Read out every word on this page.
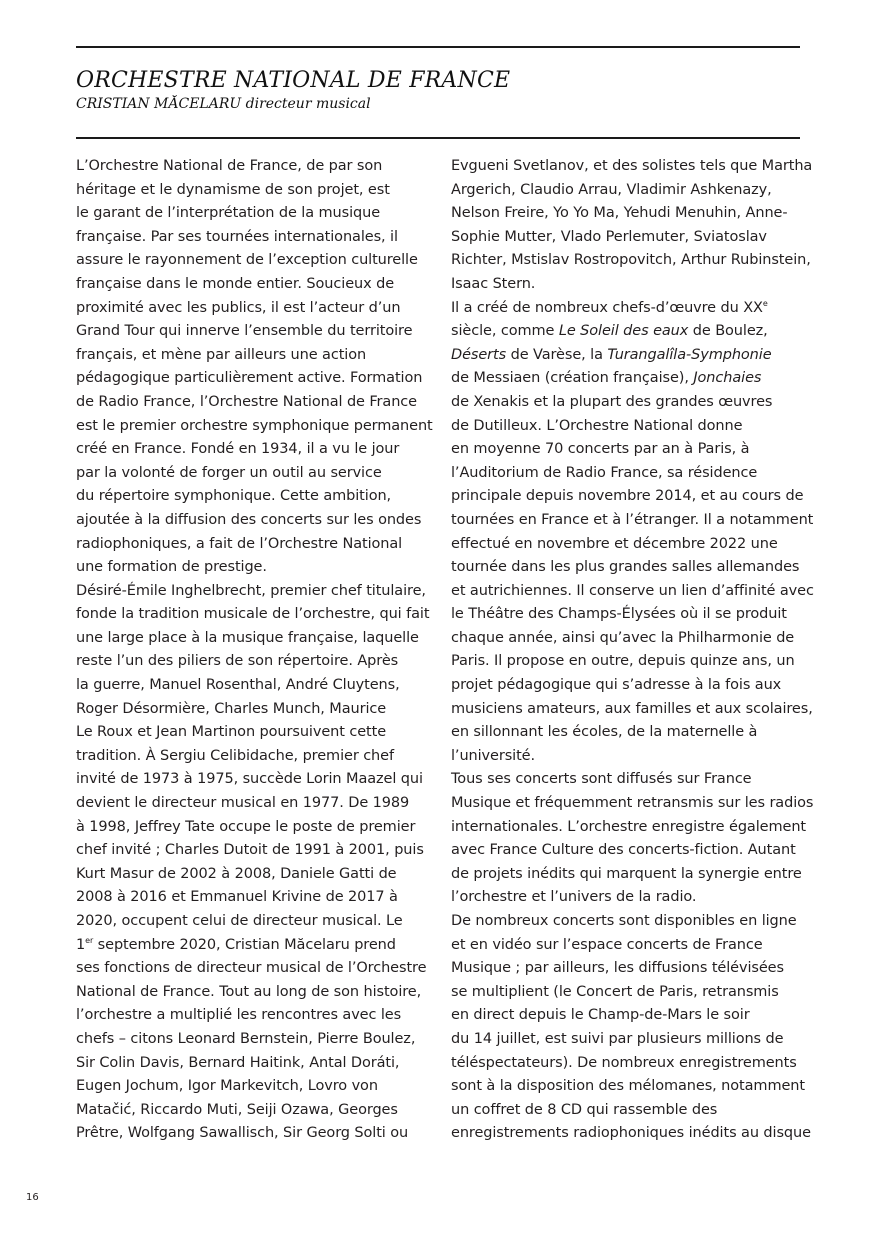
ORCHESTRE NATIONAL DE FRANCE
CRISTIAN MĂCELARU directeur musical
L’Orchestre National de France, de par son
héritage et le dynamisme de son projet, est
le garant de l’interprétation de la musique
française. Par ses tournées internationales, il
assure le rayonnement de l’exception culturelle
française dans le monde entier. Soucieux de
proximité avec les publics, il est l’acteur d’un
Grand Tour qui innerve l’ensemble du territoire
français, et mène par ailleurs une action
pédagogique particulièrement active. Formation
de Radio France, l’Orchestre National de France
est le premier orchestre symphonique permanent
créé en France. Fondé en 1934, il a vu le jour
par la volonté de forger un outil au service
du répertoire symphonique. Cette ambition,
ajoutée à la diffusion des concerts sur les ondes
radiophoniques, a fait de l’Orchestre National
une formation de prestige.
Désiré-Émile Inghelbrecht, premier chef titulaire,
fonde la tradition musicale de l’orchestre, qui fait
une large place à la musique française, laquelle
reste l’un des piliers de son répertoire. Après
la guerre, Manuel Rosenthal, André Cluytens,
Roger Désormière, Charles Munch, Maurice
Le Roux et Jean Martinon poursuivent cette
tradition. À Sergiu Celibidache, premier chef
invité de 1973 à 1975, succède Lorin Maazel qui
devient le directeur musical en 1977. De 1989
à 1998, Jeffrey Tate occupe le poste de premier
chef invité ; Charles Dutoit de 1991 à 2001, puis
Kurt Masur de 2002 à 2008, Daniele Gatti de
2008 à 2016 et Emmanuel Krivine de 2017 à
2020, occupent celui de directeur musical. Le
1er septembre 2020, Cristian Măcelaru prend
ses fonctions de directeur musical de l’Orchestre
National de France. Tout au long de son histoire,
l’orchestre a multiplié les rencontres avec les
chefs – citons Leonard Bernstein, Pierre Boulez,
Sir Colin Davis, Bernard Haitink, Antal Doráti,
Eugen Jochum, Igor Markevitch, Lovro von
Matačić, Riccardo Muti, Seiji Ozawa, Georges
Prêtre, Wolfgang Sawallisch, Sir Georg Solti ou
Evgueni Svetlanov, et des solistes tels que Martha
Argerich, Claudio Arrau, Vladimir Ashkenazy,
Nelson Freire, Yo Yo Ma, Yehudi Menuhin, Anne-
Sophie Mutter, Vlado Perlemuter, Sviatoslav
Richter, Mstislav Rostropovitch, Arthur Rubinstein,
Isaac Stern.
Il a créé de nombreux chefs-d’œuvre du XXe
siècle, comme Le Soleil des eaux de Boulez,
Déserts de Varèse, la Turangalîla-Symphonie
de Messiaen (création française), Jonchaies
de Xenakis et la plupart des grandes œuvres
de Dutilleux. L’Orchestre National donne
en moyenne 70 concerts par an à Paris, à
l’Auditorium de Radio France, sa résidence
principale depuis novembre 2014, et au cours de
tournées en France et à l’étranger. Il a notamment
effectué en novembre et décembre 2022 une
tournée dans les plus grandes salles allemandes
et autrichiennes. Il conserve un lien d’affinité avec
le Théâtre des Champs-Élysées où il se produit
chaque année, ainsi qu’avec la Philharmonie de
Paris. Il propose en outre, depuis quinze ans, un
projet pédagogique qui s’adresse à la fois aux
musiciens amateurs, aux familles et aux scolaires,
en sillonnant les écoles, de la maternelle à
l’université.
Tous ses concerts sont diffusés sur France
Musique et fréquemment retransmis sur les radios
internationales. L’orchestre enregistre également
avec France Culture des concerts-fiction. Autant
de projets inédits qui marquent la synergie entre
l’orchestre et l’univers de la radio.
De nombreux concerts sont disponibles en ligne
et en vidéo sur l’espace concerts de France
Musique ; par ailleurs, les diffusions télévisées
se multiplient (le Concert de Paris, retransmis
en direct depuis le Champ-de-Mars le soir
du 14 juillet, est suivi par plusieurs millions de
téléspectateurs). De nombreux enregistrements
sont à la disposition des mélomanes, notamment
un coffret de 8 CD qui rassemble des
enregistrements radiophoniques inédits au disque
16
